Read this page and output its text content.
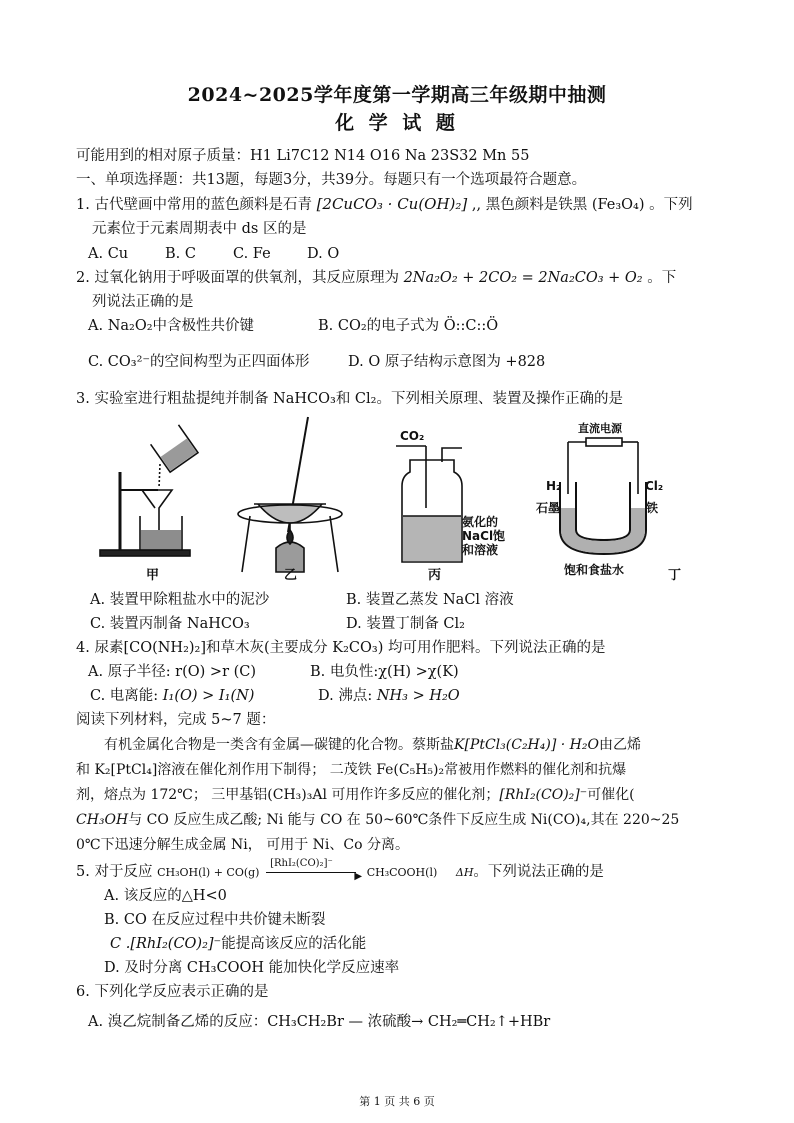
2024~2025学年度第一学期高三年级期中抽测
化 学 试 题
可能用到的相对原子质量：H1 Li7C12 N14 O16 Na 23S32 Mn 55
一、单项选择题：共13题，每题3分，共39分。每题只有一个选项最符合题意。
1. 古代壁画中常用的蓝色颜料是石青 [2CuCO₃ · Cu(OH)₂] ,, 黑色颜料是铁黑 (Fe₃O₄) 。下列
元素位于元素周期表中 ds 区的是
A. Cu	B. C	C. Fe	D. O
2. 过氧化钠用于呼吸面罩的供氧剂，其反应原理为 2Na₂O₂ + 2CO₂ = 2Na₂CO₃ + O₂ 。下
列说法正确的是
A. Na₂O₂中含极性共价键	B. CO₂的电子式为 Ö::C::Ö
C. CO₃²⁻的空间构型为正四面体形	D. O 原子结构示意图为 +828
3. 实验室进行粗盐提纯并制备 NaHCO₃和 Cl₂。下列相关原理、装置及操作正确的是
CO₂
氨化的
NaCl饱
和溶液
直流电源
H₂	Cl₂
石墨	铁
饱和食盐水
甲	乙	丙	丁
A. 装置甲除粗盐水中的泥沙	B. 装置乙蒸发 NaCl 溶液
C. 装置丙制备 NaHCO₃	D. 装置丁制备 Cl₂
4. 尿素[CO(NH₂)₂]和草木灰(主要成分 K₂CO₃) 均可用作肥料。下列说法正确的是
A. 原子半径: r(O) >r (C)	B. 电负性:χ(H) >χ(K)
C. 电离能: I₁(O) > I₁(N)	D. 沸点: NH₃ > H₂O
阅读下列材料，完成 5~7 题：
有机金属化合物是一类含有金属—碳键的化合物。蔡斯盐K[PtCl₃(C₂H₄)] · H₂O由乙烯
和 K₂[PtCl₄]溶液在催化剂作用下制得； 二茂铁 Fe(C₅H₅)₂常被用作燃料的催化剂和抗爆
剂，熔点为 172℃； 三甲基铝(CH₃)₃Al 可用作许多反应的催化剂；[RhI₂(CO)₂]⁻可催化(
CH₃OH与 CO 反应生成乙酸; Ni 能与 CO 在 50~60℃条件下反应生成 Ni(CO)₄,其在 220~25
0℃下迅速分解生成金属 Ni， 可用于 Ni、Co 分离。
5. 对于反应 CH₃OH(l) + CO(g)
[RhI₂(CO)₂]⁻
▶ CH₃COOH(l) ΔH。下列说法正确的是
A. 该反应的△H<0
B. CO 在反应过程中共价键未断裂
C .[RhI₂(CO)₂]⁻能提高该反应的活化能
D. 及时分离 CH₃COOH 能加快化学反应速率
6. 下列化学反应表示正确的是
A. 溴乙烷制备乙烯的反应：CH₃CH₂Br — 浓硫酸→ CH₂═CH₂↑+HBr
第 1 页 共 6 页
